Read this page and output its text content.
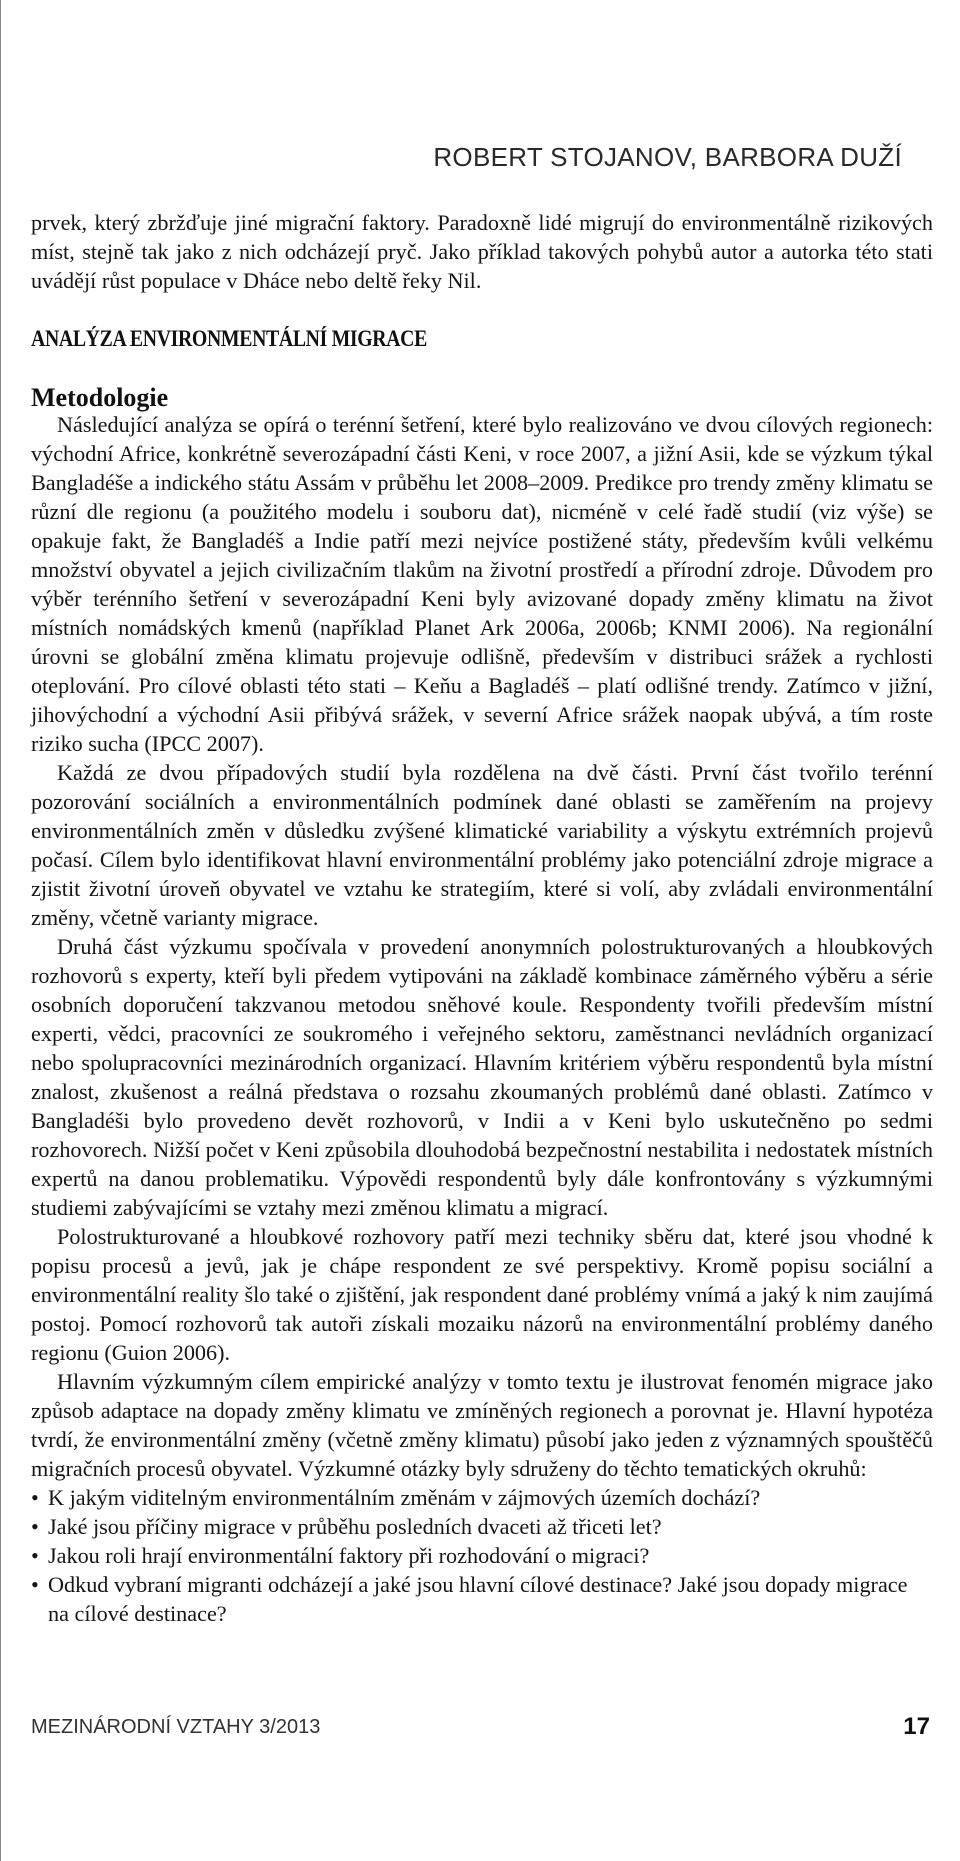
ROBERT STOJANOV, BARBORA DUŽÍ

prvek, který zbržďuje jiné migrační faktory. Paradoxně lidé migrují do environmentálně rizikových míst, stejně tak jako z nich odcházejí pryč. Jako příklad takových pohybů autor a autorka této stati uvádějí růst populace v Dháce nebo deltě řeky Nil.

ANALÝZA ENVIRONMENTÁLNÍ MIGRACE
Metodologie

Následující analýza se opírá o terénní šetření, které bylo realizováno ve dvou cílových regionech: východní Africe, konkrétně severozápadní části Keni, v roce 2007, a jižní Asii, kde se výzkum týkal Bangladéše a indického státu Assám v průběhu let 2008–2009. Predikce pro trendy změny klimatu se různí dle regionu (a použitého modelu i souboru dat), nicméně v celé řadě studií (viz výše) se opakuje fakt, že Bangladéš a Indie patří mezi nejvíce postižené státy, především kvůli velkému množství obyvatel a jejich civilizačním tlakům na životní prostředí a přírodní zdroje. Důvodem pro výběr terénního šetření v severozápadní Keni byly avizované dopady změny klimatu na život místních nomádských kmenů (například Planet Ark 2006a, 2006b; KNMI 2006). Na regionální úrovni se globální změna klimatu projevuje odlišně, především v distribuci srážek a rychlosti oteplování. Pro cílové oblasti této stati – Keňu a Bagladéš – platí odlišné trendy. Zatímco v jižní, jihovýchodní a východní Asii přibývá srážek, v severní Africe srážek naopak ubývá, a tím roste riziko sucha (IPCC 2007).

Každá ze dvou případových studií byla rozdělena na dvě části. První část tvořilo terénní pozorování sociálních a environmentálních podmínek dané oblasti se zaměřením na projevy environmentálních změn v důsledku zvýšené klimatické variability a výskytu extrémních projevů počasí. Cílem bylo identifikovat hlavní environmentální problémy jako potenciální zdroje migrace a zjistit životní úroveň obyvatel ve vztahu ke strategiím, které si volí, aby zvládali environmentální změny, včetně varianty migrace.

Druhá část výzkumu spočívala v provedení anonymních polostrukturovaných a hloubkových rozhovorů s experty, kteří byli předem vytipováni na základě kombinace záměrného výběru a série osobních doporučení takzvanou metodou sněhové koule. Respondenty tvořili především místní experti, vědci, pracovníci ze soukromého i veřejného sektoru, zaměstnanci nevládních organizací nebo spolupracovníci mezinárodních organizací. Hlavním kritériem výběru respondentů byla místní znalost, zkušenost a reálná představa o rozsahu zkoumaných problémů dané oblasti. Zatímco v Bangladéši bylo provedeno devět rozhovorů, v Indii a v Keni bylo uskutečněno po sedmi rozhovorech. Nižší počet v Keni způsobila dlouhodobá bezpečnostní nestabilita i nedostatek místních expertů na danou problematiku. Výpovědi respondentů byly dále konfrontovány s výzkumnými studiemi zabývajícími se vztahy mezi změnou klimatu a migrací.

Polostrukturované a hloubkové rozhovory patří mezi techniky sběru dat, které jsou vhodné k popisu procesů a jevů, jak je chápe respondent ze své perspektivy. Kromě popisu sociální a environmentální reality šlo také o zjištění, jak respondent dané problémy vnímá a jaký k nim zaujímá postoj. Pomocí rozhovorů tak autoři získali mozaiku názorů na environmentální problémy daného regionu (Guion 2006).

Hlavním výzkumným cílem empirické analýzy v tomto textu je ilustrovat fenomén migrace jako způsob adaptace na dopady změny klimatu ve zmíněných regionech a porovnat je. Hlavní hypotéza tvrdí, že environmentální změny (včetně změny klimatu) působí jako jeden z významných spouštěčů migračních procesů obyvatel. Výzkumné otázky byly sdruženy do těchto tematických okruhů:

• K jakým viditelným environmentálním změnám v zájmových územích dochází?
• Jaké jsou příčiny migrace v průběhu posledních dvaceti až třiceti let?
• Jakou roli hrají environmentální faktory při rozhodování o migraci?
• Odkud vybraní migranti odcházejí a jaké jsou hlavní cílové destinace? Jaké jsou dopady migrace na cílové destinace?
MEZINÁRODNÍ VZTAHY 3/2013	17
